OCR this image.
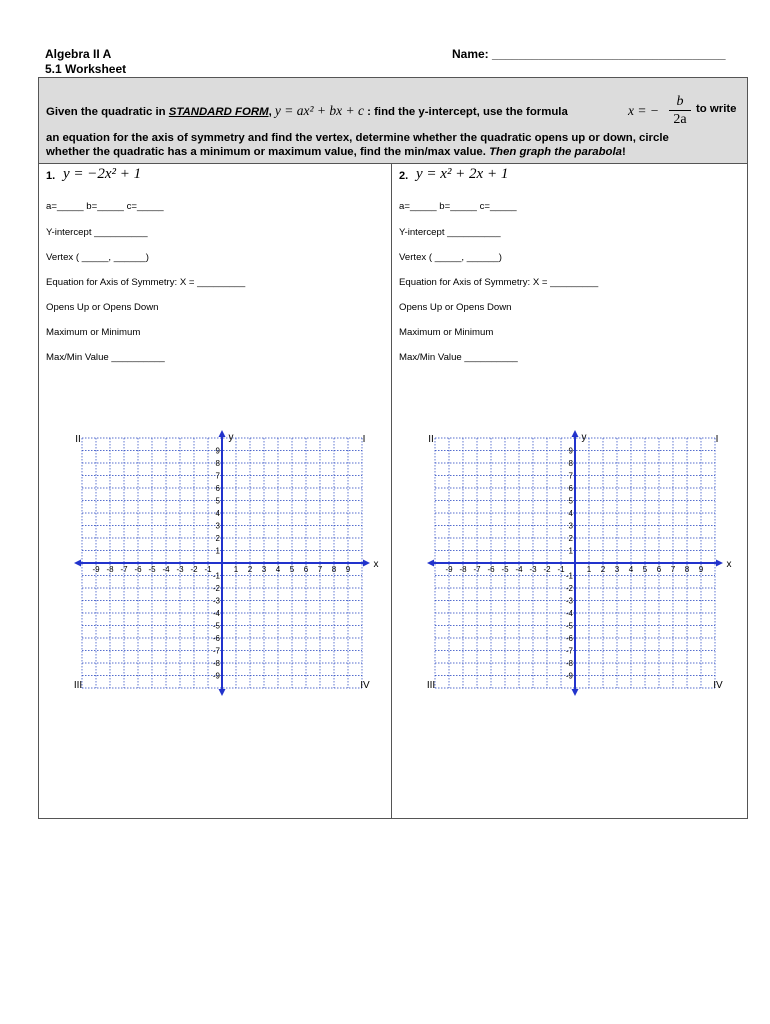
Algebra II A
5.1 Worksheet
Name: ___________________________________
Given the quadratic in STANDARD FORM, y = ax² + bx + c : find the y-intercept, use the formula	x = −
b
2a
to write
an equation for the axis of symmetry and find the vertex, determine whether the quadratic opens up or down, circle
whether the quadratic has a minimum or maximum value, find the min/max value. Then graph the parabola!
1. y = −2x² + 1
a=_____ b=_____ c=_____
Y-intercept __________
Vertex ( _____, ______)
Equation for Axis of Symmetry: X = _________
Opens Up or Opens Down
Maximum or Minimum
Max/Min Value __________
-9 -8 -7 -6 -5 -4 -3 -2 -1	1 2 3 4 5 6 7 8 9
1
2
3
4
5
6
7
8
9
-1
-2
-3
-4
-5
-6
-7
-8
-9
x
y	I
II
III	IV
2. y = x² + 2x + 1
a=_____ b=_____ c=_____
Y-intercept __________
Vertex ( _____, ______)
Equation for Axis of Symmetry: X = _________
Opens Up or Opens Down
Maximum or Minimum
Max/Min Value __________
-9 -8 -7 -6 -5 -4 -3 -2 -1	1 2 3 4 5 6 7 8 9
1
2
3
4
5
6
7
8
9
-1
-2
-3
-4
-5
-6
-7
-8
-9
x
y	I
II
III	IV
